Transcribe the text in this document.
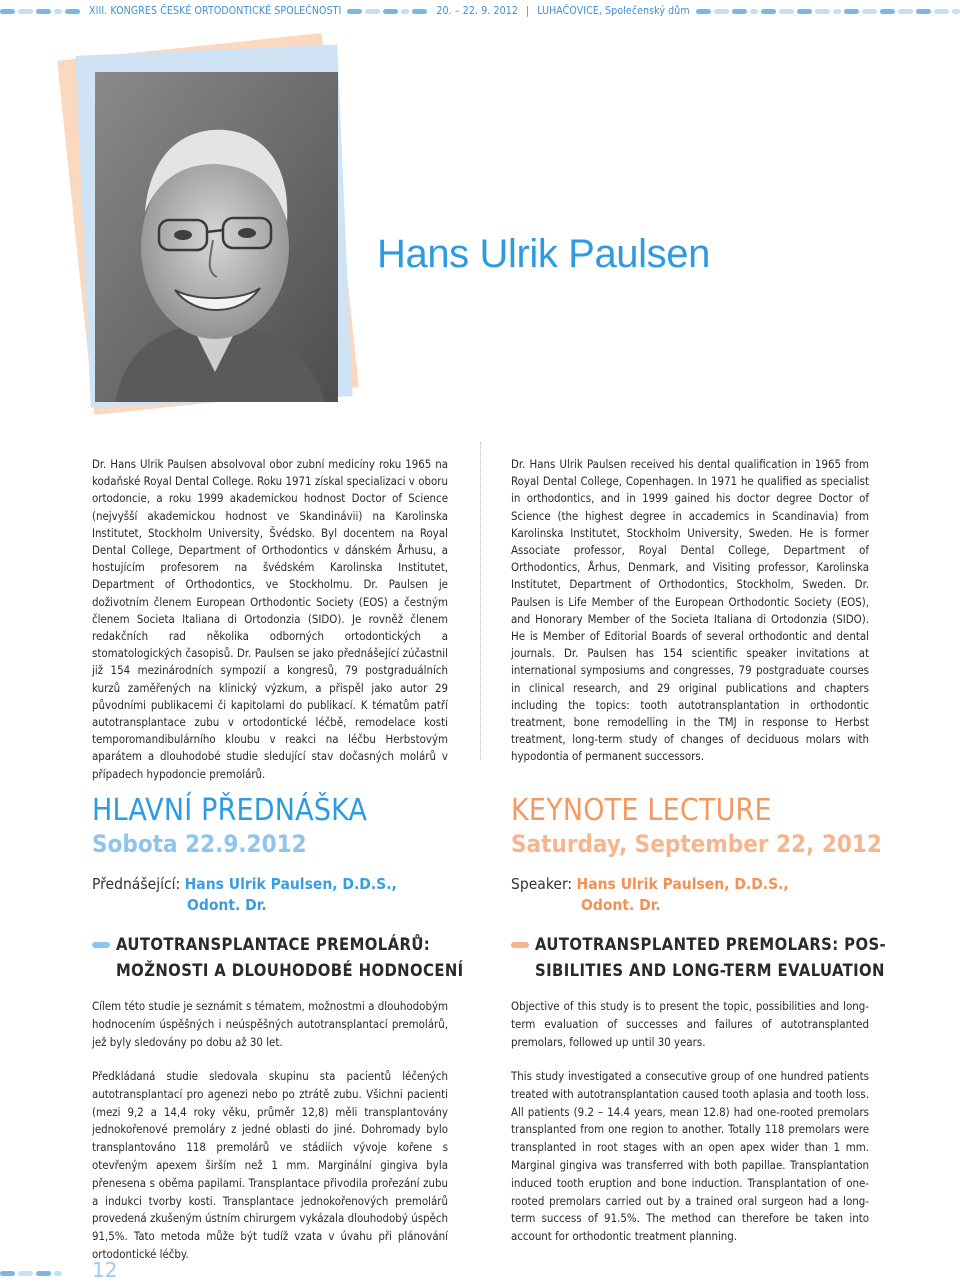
XIII. KONGRES ČESKÉ ORTODONTICKÉ SPOLEČNOSTI	20. – 22. 9. 2012 | LUHAČOVICE, Společenský dům
Hans Ulrik Paulsen
Dr. Hans Ulrik Paulsen absolvoval obor zubní medicíny roku 1965 na kodaňské Royal Dental College. Roku 1971 získal specializaci v oboru ortodoncie, a roku 1999 akademickou hodnost Doctor of Science (nejvyšší akademickou hodnost ve Skandinávii) na Karolinska Institutet, Stockholm University, Švédsko. Byl docentem na Royal Dental College, Department of Orthodontics v dánském Århusu, a hostujícím profesorem na švédském Karolinska Institutet, Department of Orthodontics, ve Stockholmu. Dr. Paulsen je doživotním členem European Orthodontic Society (EOS) a čestným členem Societa Italiana di Ortodonzia (SIDO). Je rovněž členem redakčních rad několika odborných ortodontických a stomatologických časopisů. Dr. Paulsen se jako přednášející zúčastnil již 154 mezinárodních sympozií a kongresů, 79 postgraduálních kurzů zaměřených na klinický výzkum, a přispěl jako autor 29 původními publikacemi či kapitolami do publikací. K tématům patří autotransplantace zubu v ortodontické léčbě, remodelace kosti temporomandibulárního kloubu v reakci na léčbu Herbstovým aparátem a dlouhodobé studie sledující stav dočasných molárů v případech hypodoncie premolárů.
Dr. Hans Ulrik Paulsen received his dental qualification in 1965 from Royal Dental College, Copenhagen. In 1971 he qualified as specialist in orthodontics, and in 1999 gained his doctor degree Doctor of Science (the highest degree in accademics in Scandinavia) from Karolinska Institutet, Stockholm University, Sweden. He is former Associate professor, Royal Dental College, Department of Orthodontics, Århus, Denmark, and Visiting professor, Karolinska Institutet, Department of Orthodontics, Stockholm, Sweden. Dr. Paulsen is Life Member of the European Orthodontic Society (EOS), and Honorary Member of the Societa Italiana di Ortodonzia (SIDO). He is Member of Editorial Boards of several orthodontic and dental journals. Dr. Paulsen has 154 scientific speaker invitations at international symposiums and congresses, 79 postgraduate courses in clinical research, and 29 original publications and chapters including the topics: tooth autotransplantation in orthodontic treatment, bone remodelling in the TMJ in response to Herbst treatment, long-term study of changes of deciduous molars with hypodontia of permanent successors.
HLAVNÍ PŘEDNÁŠKA
Sobota 22.9.2012
Přednášející: Hans Ulrik Paulsen, D.D.S.,
Odont. Dr.
AUTOTRANSPLANTACE PREMOLÁRŮ:
MOŽNOSTI A DLOUHODOBÉ HODNOCENÍ
Cílem této studie je seznámit s tématem, možnostmi a dlouhodobým hodnocením úspěšných i neúspěšných autotransplantací premolárů, jež byly sledovány po dobu až 30 let.
Předkládaná studie sledovala skupinu sta pacientů léčených autotransplantací pro agenezi nebo po ztrátě zubu. Všichni pacienti (mezi 9,2 a 14,4 roky věku, průměr 12,8) měli transplantovány jednokořenové premoláry z jedné oblasti do jiné. Dohromady bylo transplantováno 118 premolárů ve stádiích vývoje kořene s otevřeným apexem širším než 1 mm. Marginální gingiva byla přenesena s oběma papilami. Transplantace přivodila prořezání zubu a indukci tvorby kosti. Transplantace jednokořenových premolárů provedená zkušeným ústním chirurgem vykázala dlouhodobý úspěch 91,5%. Tato metoda může být tudíž vzata v úvahu při plánování ortodontické léčby.
KEYNOTE LECTURE
Saturday, September 22, 2012
Speaker: Hans Ulrik Paulsen, D.D.S.,
Odont. Dr.
AUTOTRANSPLANTED PREMOLARS: POS-
SIBILITIES AND LONG-TERM EVALUATION
Objective of this study is to present the topic, possibilities and long-term evaluation of successes and failures of autotransplanted premolars, followed up until 30 years.
This study investigated a consecutive group of one hundred patients treated with autotransplantation caused tooth aplasia and tooth loss. All patients (9.2 – 14.4 years, mean 12.8) had one-rooted premolars transplanted from one region to another. Totally 118 premolars were transplanted in root stages with an open apex wider than 1 mm. Marginal gingiva was transferred with both papillae. Transplantation induced tooth eruption and bone induction. Transplantation of one-rooted premolars carried out by a trained oral surgeon had a long-term success of 91.5%. The method can therefore be taken into account for orthodontic treatment planning.
12
